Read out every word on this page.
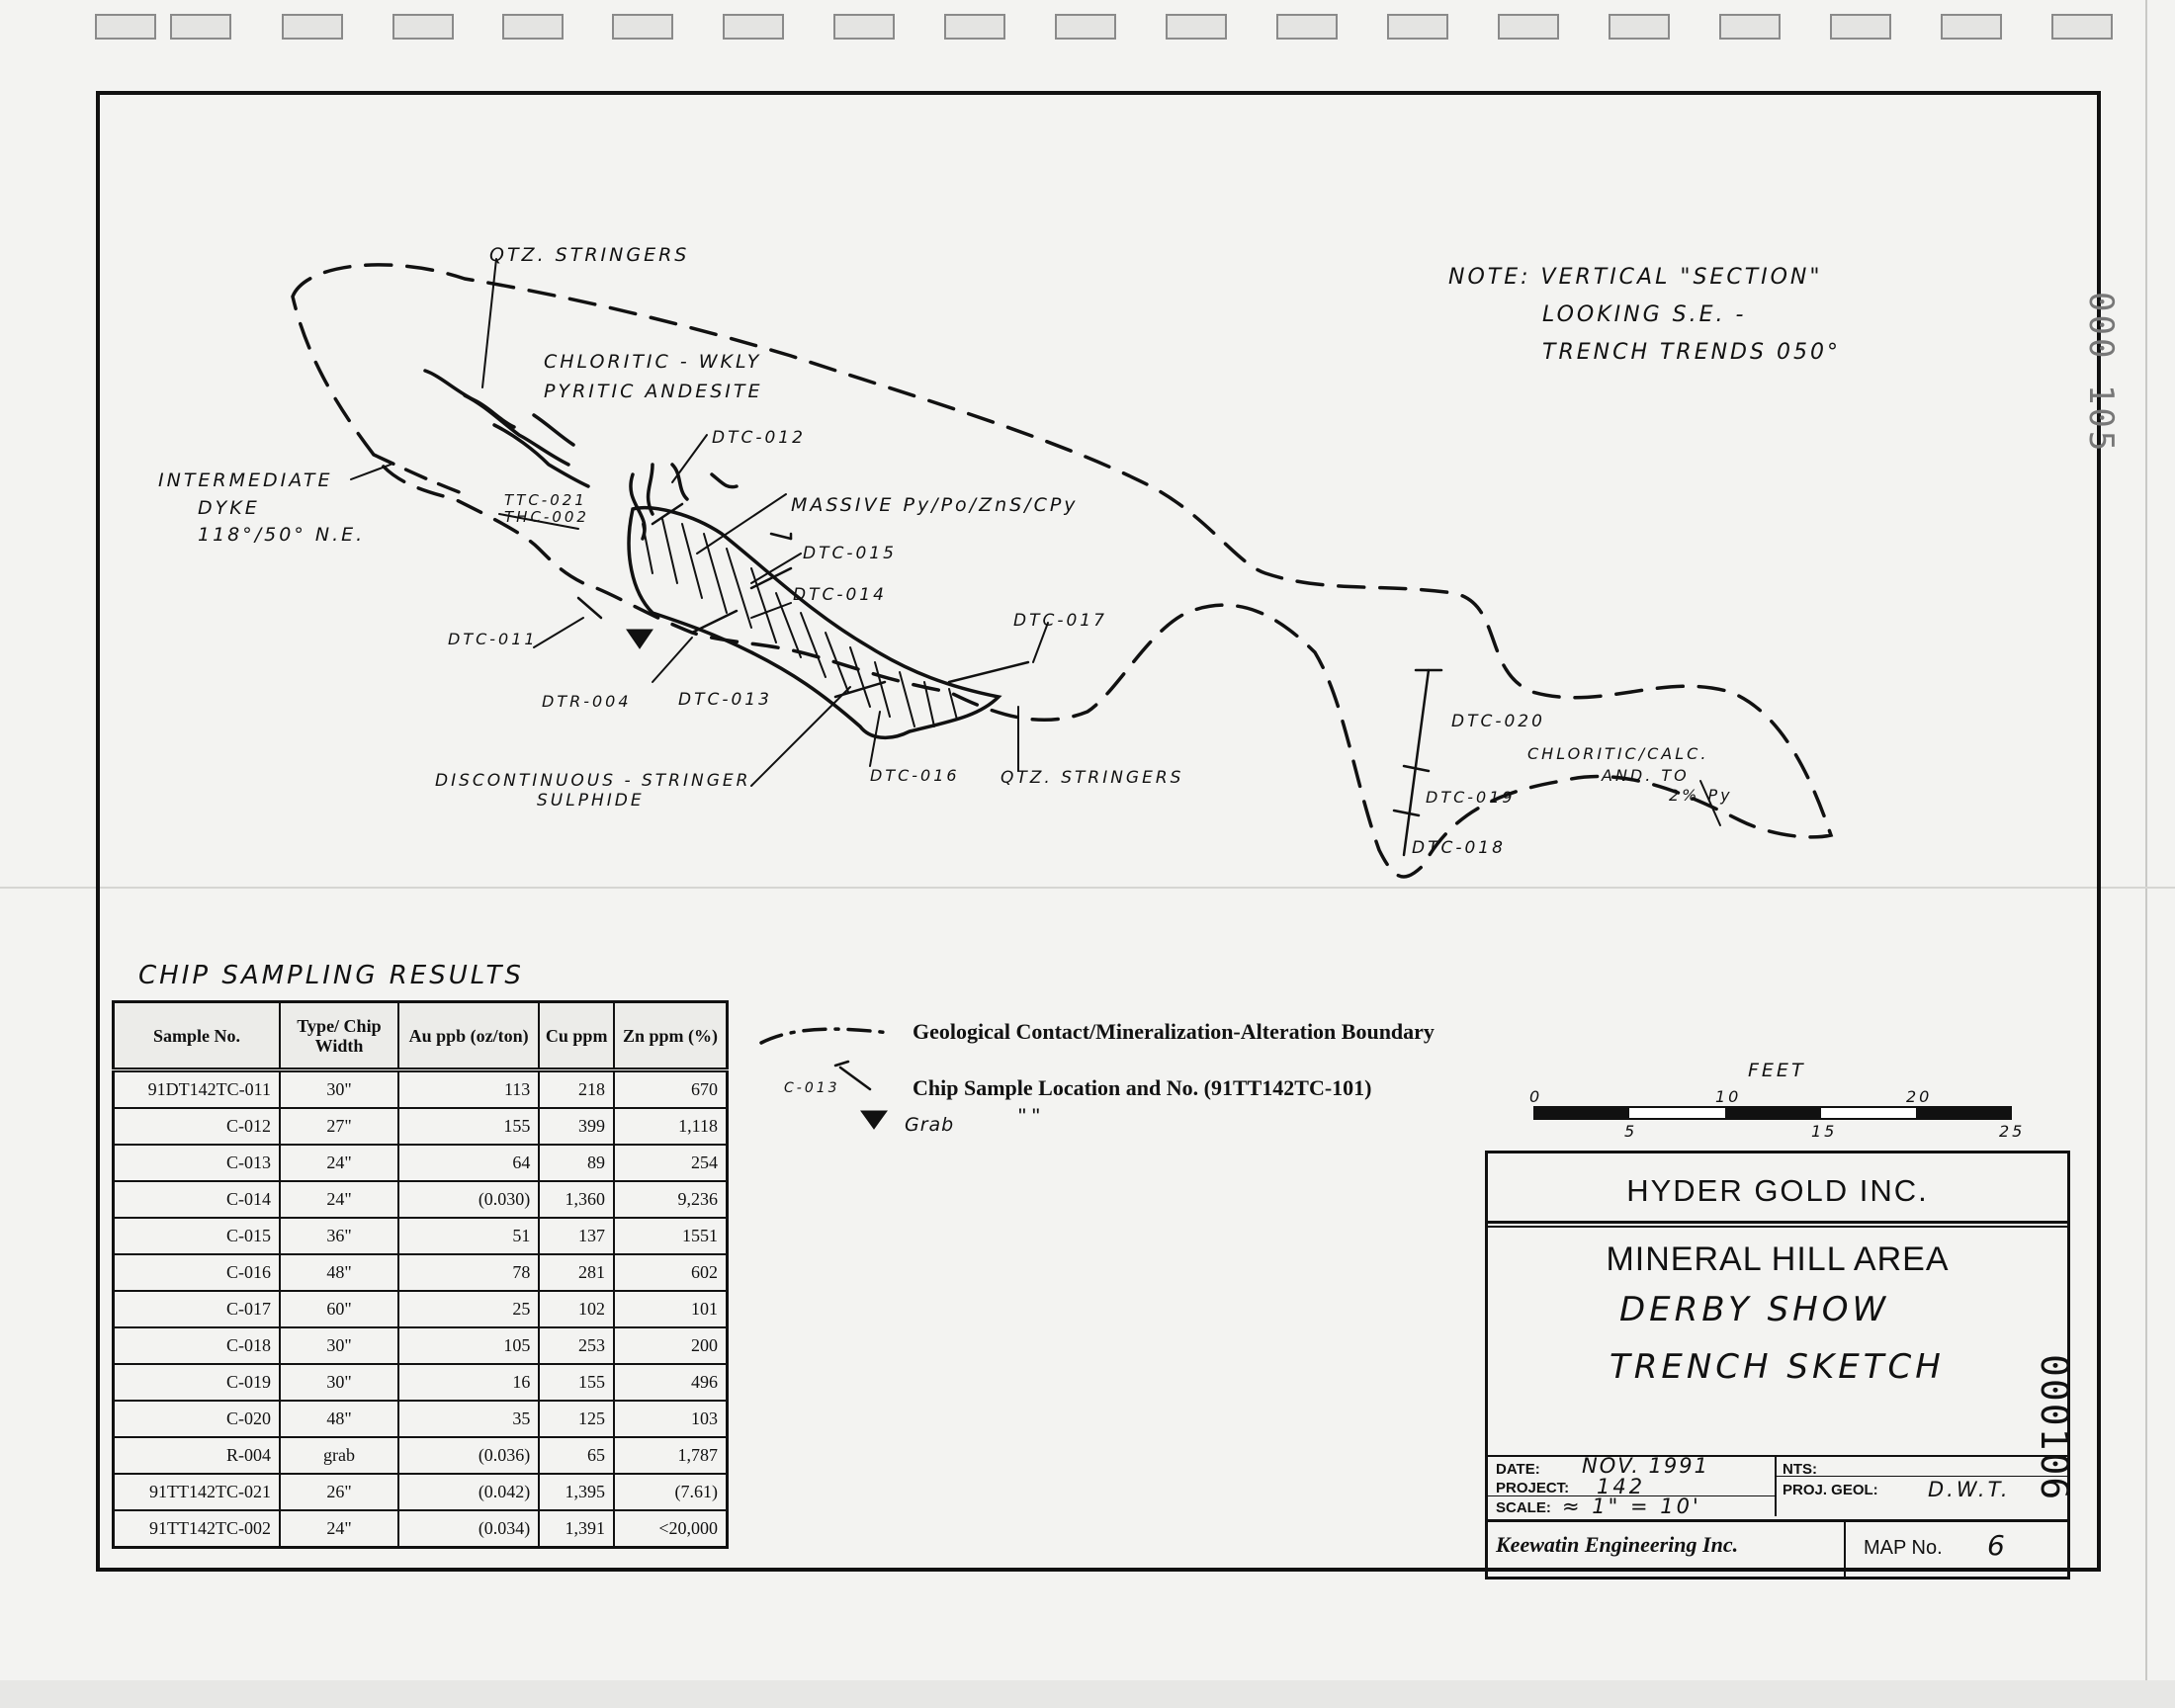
NOTE: VERTICAL "SECTION"
LOOKING S.E. -
TRENCH TRENDS 050°
QTZ. STRINGERS
CHLORITIC - WKLY
PYRITIC ANDESITE
INTERMEDIATE
DYKE
118°/50° N.E.
TTC-021
THC-002
DTC-012
MASSIVE Py/Po/ZnS/CPy
DTC-015
DTC-014
DTC-017
DTC-011
DTR-004	DTC-013
DISCONTINUOUS - STRINGER
SULPHIDE
DTC-016 QTZ. STRINGERS
DTC-020
CHLORITIC/CALC.
AND. TO
2% Py
DTC-019
DTC-018
CHIP SAMPLING RESULTS
Sample No.	Type/ Chip Width	Au ppb (oz/ton)	Cu ppm	Zn ppm (%)
91DT142TC-011	30"	113	218	670
C-012	27"	155	399	1,118
C-013	24"	64	89	254
C-014	24"	(0.030)	1,360	9,236
C-015	36"	51	137	1551
C-016	48"	78	281	602
C-017	60"	25	102	101
C-018	30"	105	253	200
C-019	30"	16	155	496
C-020	48"	35	125	103
R-004	grab	(0.036)	65	1,787
91TT142TC-021	26"	(0.042)	1,395	(7.61)
91TT142TC-002	24"	(0.034)	1,391	<20,000
Geological Contact/Mineralization-Alteration Boundary
C-013	Chip Sample Location and No. (91TT142TC-101)
Grab	" "
FEET
0	10	20
5	15	25
HYDER GOLD INC.
MINERAL HILL AREA
DERBY SHOW
TRENCH SKETCH
DATE: NOV. 1991	NTS:
PROJECT: 142	PROJ. GEOL: D.W.T.
SCALE: ≈ 1" = 10'
Keewatin Engineering Inc.	MAP No. 6
000106
000 105
